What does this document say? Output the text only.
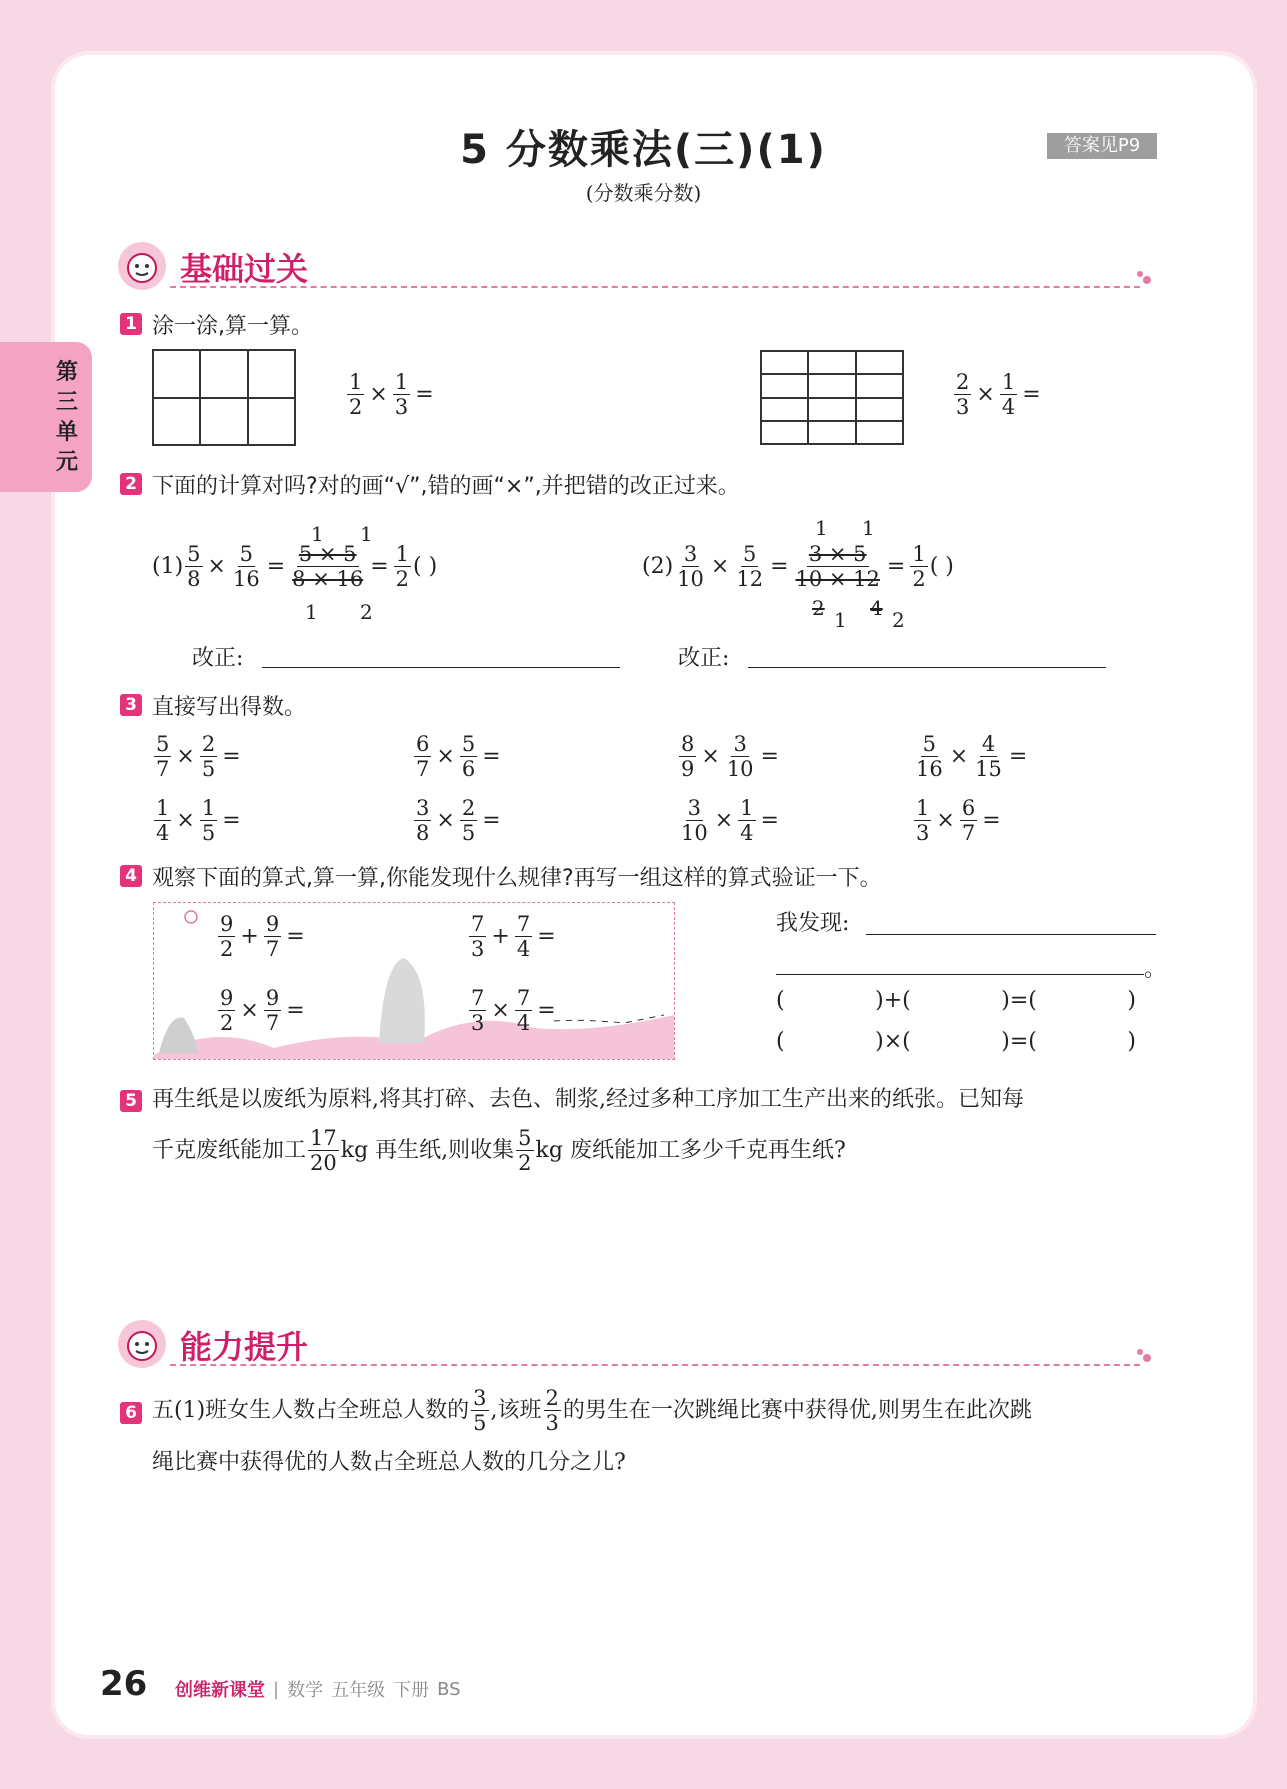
5 分数乘法(三)(1)
(分数乘分数)
答案见P9
第三单元
基础过关
1 涂一涂,算一算。
$\frac{1}{2} \times \frac{1}{3}$ =	$\frac{2}{3} \times \frac{1}{4}$ =
2 下面的计算对吗?对的画“√”,错的画“×”,并把错的改正过来。
$(1) \frac{5}{8} \times \frac{5}{16} = \frac{5 \times 5}{8 \times 16} = \frac{1}{2}$ ( )
1 1
1 2
$(2) \frac{3}{10} \times \frac{5}{12} = \frac{3 \times 5}{10 \times 12} = \frac{1}{2}$ ( )
1 1
2 4
1 2
改正:	改正:
3 直接写出得数。
$\frac{5}{7} \times \frac{2}{5}$ =	$\frac{6}{7} \times \frac{5}{6}$ =	$\frac{8}{9} \times \frac{3}{10}$ =	$\frac{5}{16} \times \frac{4}{15}$ =
$\frac{1}{4} \times \frac{1}{5}$ =	$\frac{3}{8} \times \frac{2}{5}$ =	$\frac{3}{10} \times \frac{1}{4}$ =	$\frac{1}{3} \times \frac{6}{7}$ =
4 观察下面的算式,算一算,你能发现什么规律?再写一组这样的算式验证一下。
$\frac{9}{2} + \frac{9}{7}$ =	$\frac{7}{3} + \frac{7}{4}$ =
$\frac{9}{2} \times \frac{9}{7}$ =	$\frac{7}{3} \times \frac{7}{4}$ =
我发现:
。
(	)+(	)=(	)
(	)×(	)=(	)
5 再生纸是以废纸为原料,将其打碎、去色、制浆,经过多种工序加工生产出来的纸张。已知每
千克废纸能加工 $\frac{17}{20}$ kg 再生纸,则收集 $\frac{5}{2}$ kg 废纸能加工多少千克再生纸?
能力提升
6 五(1)班女生人数占全班总人数的 $\frac{3}{5}$ ,该班 $\frac{2}{3}$ 的男生在一次跳绳比赛中获得优,则男生在此次跳
绳比赛中获得优的人数占全班总人数的几分之儿?
26 创维新课堂 | 数学 五年级 下册 BS
